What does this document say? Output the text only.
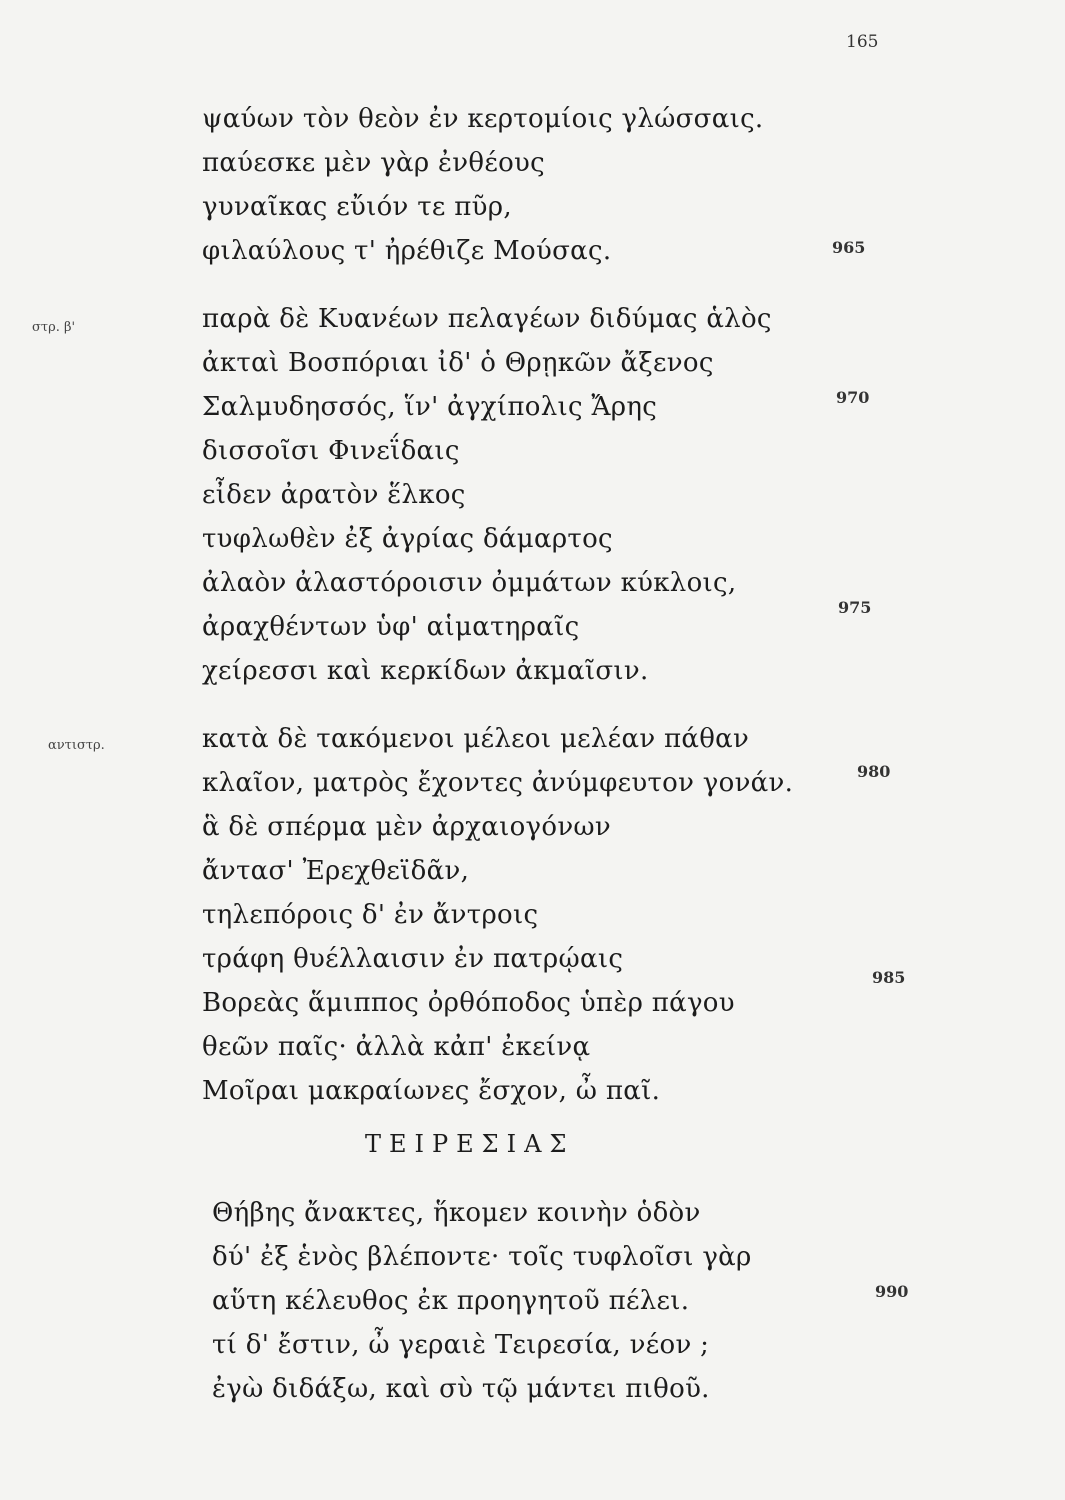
165
στρ. β'
αντιστρ.
ψαύων τὸν θεὸν ἐν κερτομίοις γλώσσαις.
παύεσκε μὲν γὰρ ἐνθέους
γυναῖκας εὔιόν τε πῦρ,
φιλαύλους τ' ἠρέθιζε Μούσας.
παρὰ δὲ Κυανέων πελαγέων διδύμας ἁλὸς
ἀκταὶ Βοσπόριαι ἰδ' ὁ Θρῃκῶν ἄξενος
Σαλμυδησσός, ἵν' ἀγχίπολις Ἄρης
δισσοῖσι Φινεΐδαις
εἶδεν ἀρατὸν ἕλκος
τυφλωθὲν ἐξ ἀγρίας δάμαρτος
ἀλαὸν ἀλαστόροισιν ὀμμάτων κύκλοις,
ἀραχθέντων ὑφ' αἱματηραῖς
χείρεσσι καὶ κερκίδων ἀκμαῖσιν.
κατὰ δὲ τακόμενοι μέλεοι μελέαν πάθαν
κλαῖον, ματρὸς ἔχοντες ἀνύμφευτον γονάν.
ἃ δὲ σπέρμα μὲν ἀρχαιογόνων
ἄντασ' Ἐρεχθεϊδᾶν,
τηλεπόροις δ' ἐν ἄντροις
τράφη θυέλλαισιν ἐν πατρῴαις
Βορεὰς ἅμιππος ὀρθόποδος ὑπὲρ πάγου
θεῶν παῖς· ἀλλὰ κἀπ' ἐκείνᾳ
Μοῖραι μακραίωνες ἔσχον, ὦ παῖ.
ΤΕΙΡΕΣΙΑΣ
Θήβης ἄνακτες, ἥκομεν κοινὴν ὁδὸν
δύ' ἐξ ἑνὸς βλέποντε· τοῖς τυφλοῖσι γὰρ
αὕτη κέλευθος ἐκ προηγητοῦ πέλει.
τί δ' ἔστιν, ὦ γεραιὲ Τειρεσία, νέον ;
ἐγὼ διδάξω, καὶ σὺ τῷ μάντει πιθοῦ.
965
970
975
980
985
990
